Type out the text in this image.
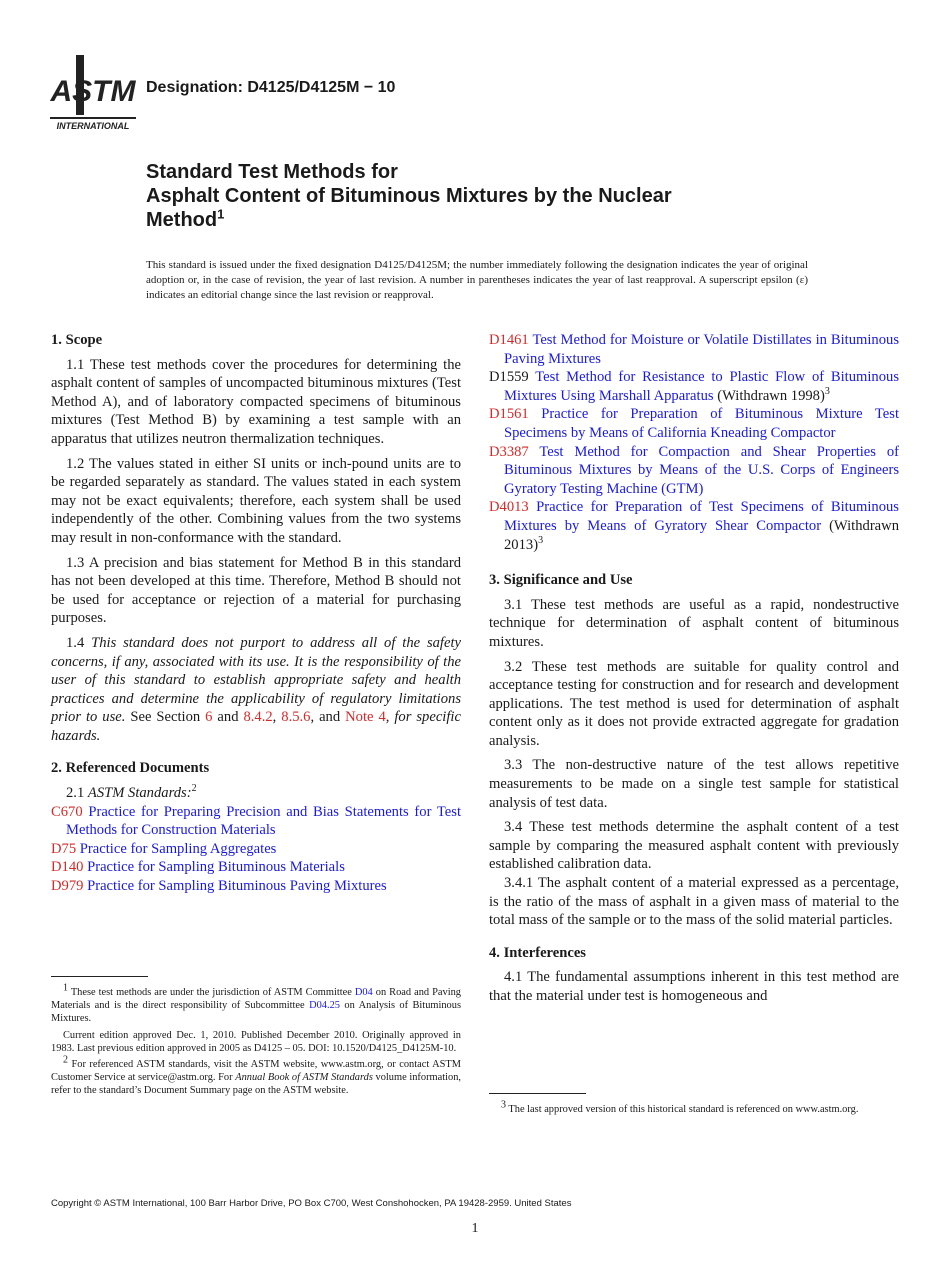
ASTM
INTERNATIONAL
Designation: D4125/D4125M − 10
Standard Test Methods for
Asphalt Content of Bituminous Mixtures by the Nuclear
Method$^1$
This standard is issued under the fixed designation D4125/D4125M; the number immediately following the designation indicates the year of original adoption or, in the case of revision, the year of last revision. A number in parentheses indicates the year of last reapproval. A superscript epsilon (ε) indicates an editorial change since the last revision or reapproval.
1. Scope

1.1 These test methods cover the procedures for determining the asphalt content of samples of uncompacted bituminous mixtures (Test Method A), and of laboratory compacted specimens of bituminous mixtures (Test Method B) by examining a test sample with an apparatus that utilizes neutron thermalization techniques.

1.2 The values stated in either SI units or inch-pound units are to be regarded separately as standard. The values stated in each system may not be exact equivalents; therefore, each system shall be used independently of the other. Combining values from the two systems may result in non-conformance with the standard.

1.3 A precision and bias statement for Method B in this standard has not been developed at this time. Therefore, Method B should not be used for acceptance or rejection of a material for purchasing purposes.

1.4 This standard does not purport to address all of the safety concerns, if any, associated with its use. It is the responsibility of the user of this standard to establish appropriate safety and health practices and determine the applicability of regulatory limitations prior to use. See Section 6 and 8.4.2, 8.5.6, and Note 4, for specific hazards.

2. Referenced Documents

2.1 ASTM Standards:$^2$

C670 Practice for Preparing Precision and Bias Statements for Test Methods for Construction Materials
D75 Practice for Sampling Aggregates
D140 Practice for Sampling Bituminous Materials
D979 Practice for Sampling Bituminous Paving Mixtures

$^1$ These test methods are under the jurisdiction of ASTM Committee D04 on Road and Paving Materials and is the direct responsibility of Subcommittee D04.25 on Analysis of Bituminous Mixtures.

Current edition approved Dec. 1, 2010. Published December 2010. Originally approved in 1983. Last previous edition approved in 2005 as D4125 – 05. DOI: 10.1520/D4125_D4125M-10.

$^2$ For referenced ASTM standards, visit the ASTM website, www.astm.org, or contact ASTM Customer Service at service@astm.org. For Annual Book of ASTM Standards volume information, refer to the standard’s Document Summary page on the ASTM website.

D1461 Test Method for Moisture or Volatile Distillates in Bituminous Paving Mixtures
D1559 Test Method for Resistance to Plastic Flow of Bituminous Mixtures Using Marshall Apparatus (Withdrawn 1998)$^3$
D1561 Practice for Preparation of Bituminous Mixture Test Specimens by Means of California Kneading Compactor
D3387 Test Method for Compaction and Shear Properties of Bituminous Mixtures by Means of the U.S. Corps of Engineers Gyratory Testing Machine (GTM)
D4013 Practice for Preparation of Test Specimens of Bituminous Mixtures by Means of Gyratory Shear Compactor (Withdrawn 2013)$^3$
3. Significance and Use

3.1 These test methods are useful as a rapid, nondestructive technique for determination of asphalt content of bituminous mixtures.

3.2 These test methods are suitable for quality control and acceptance testing for construction and for research and development applications. The test method is used for determination of asphalt content only as it does not provide extracted aggregate for gradation analysis.

3.3 The non-destructive nature of the test allows repetitive measurements to be made on a single test sample for statistical analysis of test data.

3.4 These test methods determine the asphalt content of a test sample by comparing the measured asphalt content with previously established calibration data.

3.4.1 The asphalt content of a material expressed as a percentage, is the ratio of the mass of asphalt in a given mass of material to the total mass of the sample or to the mass of the solid material particles.

4. Interferences

4.1 The fundamental assumptions inherent in this test method are that the material under test is homogeneous and

$^3$ The last approved version of this historical standard is referenced on www.astm.org.

Copyright © ASTM International, 100 Barr Harbor Drive, PO Box C700, West Conshohocken, PA 19428-2959. United States
1
